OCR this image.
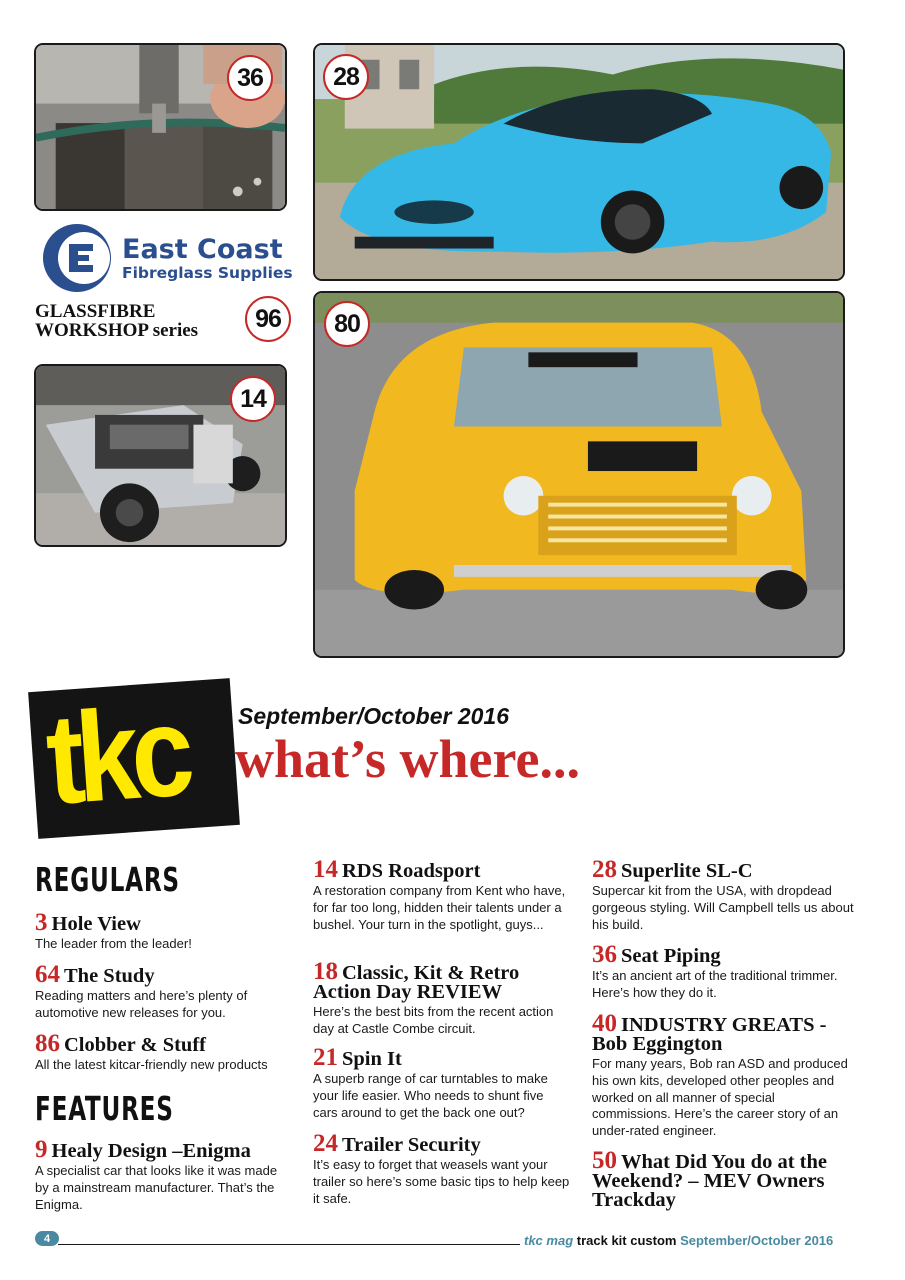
36	28
East Coast
Fibreglass Supplies
GLASSFIBRE
WORKSHOP series	96
14
80
tkc September/October 2016
what’s where...
REGULARS
3 Hole View
The leader from the leader!
64 The Study
Reading matters and here’s plenty of automotive new releases for you.
86 Clobber & Stuff
All the latest kitcar-friendly new products
FEATURES
9 Healy Design –Enigma
A specialist car that looks like it was made by a mainstream manufacturer. That’s the Enigma.
14 RDS Roadsport
A restoration company from Kent who have, for far too long, hidden their talents under a bushel. Your turn in the spotlight, guys...
18 Classic, Kit & Retro Action Day REVIEW
Here’s the best bits from the recent action day at Castle Combe circuit.
21 Spin It
A superb range of car turntables to make your life easier. Who needs to shunt five cars around to get the back one out?
24 Trailer Security
It’s easy to forget that weasels want your trailer so here’s some basic tips to help keep it safe.
28 Superlite SL-C
Supercar kit from the USA, with dropdead gorgeous styling. Will Campbell tells us about his build.
36 Seat Piping
It’s an ancient art of the traditional trimmer. Here’s how they do it.
40 INDUSTRY GREATS - Bob Eggington
For many years, Bob ran ASD and produced his own kits, developed other peoples and worked on all manner of special commissions. Here’s the career story of an under-rated engineer.
50 What Did You do at the Weekend? – MEV Owners Trackday
4	tkc mag track kit custom September/October 2016
